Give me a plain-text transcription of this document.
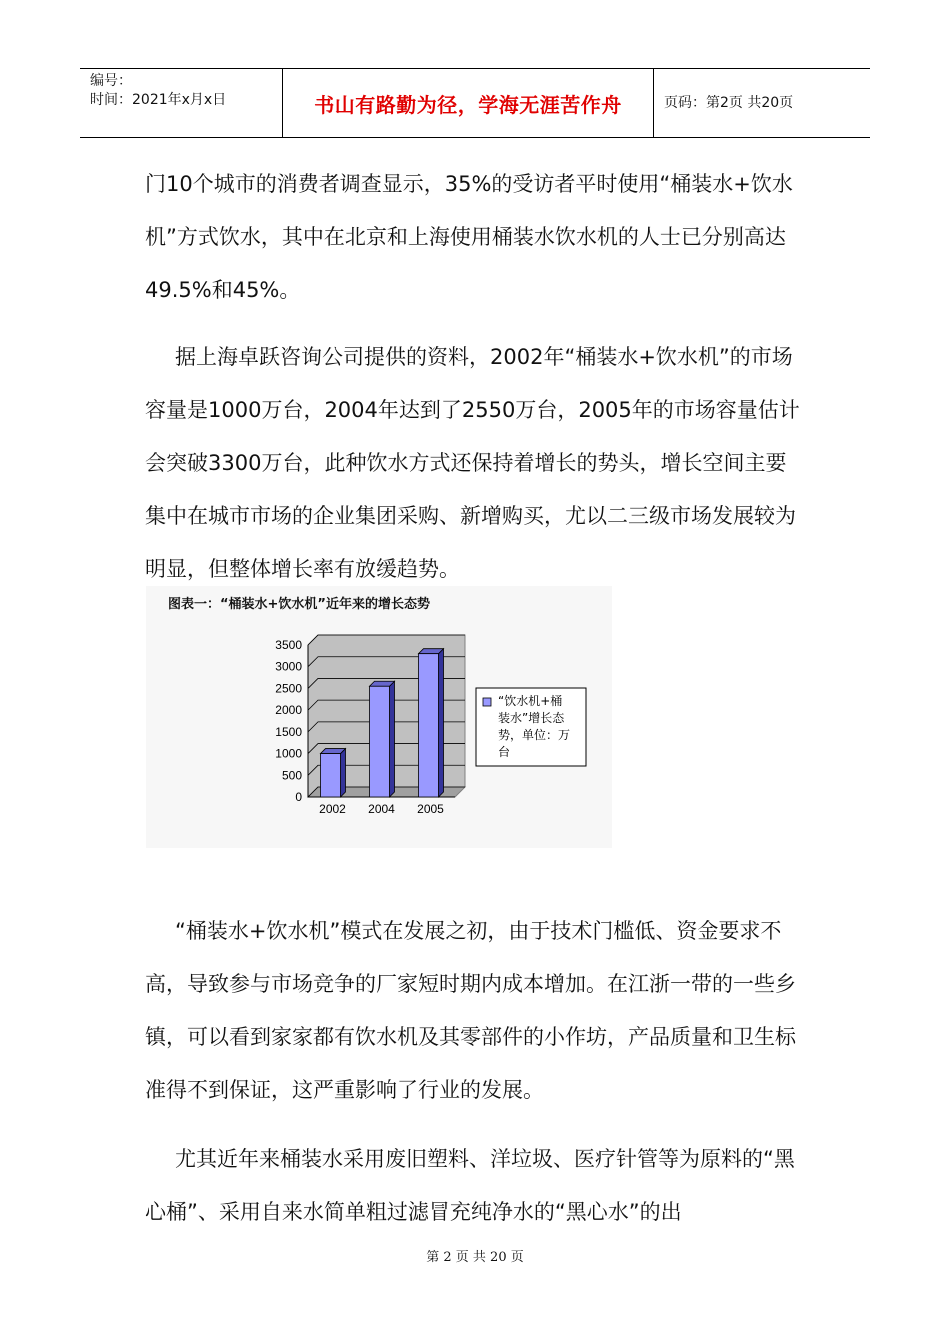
编号：
时间：2021年x月x日	书山有路勤为径，学海无涯苦作舟	页码：第2页 共20页

门10个城市的消费者调查显示，35%的受访者平时使用“桶装水+饮水机”方式饮水，其中在北京和上海使用桶装水饮水机的人士已分别高达49.5%和45%。

据上海卓跃咨询公司提供的资料，2002年“桶装水+饮水机”的市场容量是1000万台，2004年达到了2550万台，2005年的市场容量估计会突破3300万台，此种饮水方式还保持着增长的势头，增长空间主要集中在城市市场的企业集团采购、新增购买，尤以二三级市场发展较为明显，但整体增长率有放缓趋势。

图表一：“桶装水+饮水机”近年来的增长态势
0
500
1000
1500
2000
2500
3000
3500
2002 2004 2005
“饮水机+桶
装水”增长态
势，单位：万
台

“桶装水+饮水机”模式在发展之初，由于技术门槛低、资金要求不高，导致参与市场竞争的厂家短时期内成本增加。在江浙一带的一些乡镇，可以看到家家都有饮水机及其零部件的小作坊，产品质量和卫生标准得不到保证，这严重影响了行业的发展。

尤其近年来桶装水采用废旧塑料、洋垃圾、医疗针管等为原料的“黑心桶”、采用自来水简单粗过滤冒充纯净水的“黑心水”的出

第 2 页 共 20 页
